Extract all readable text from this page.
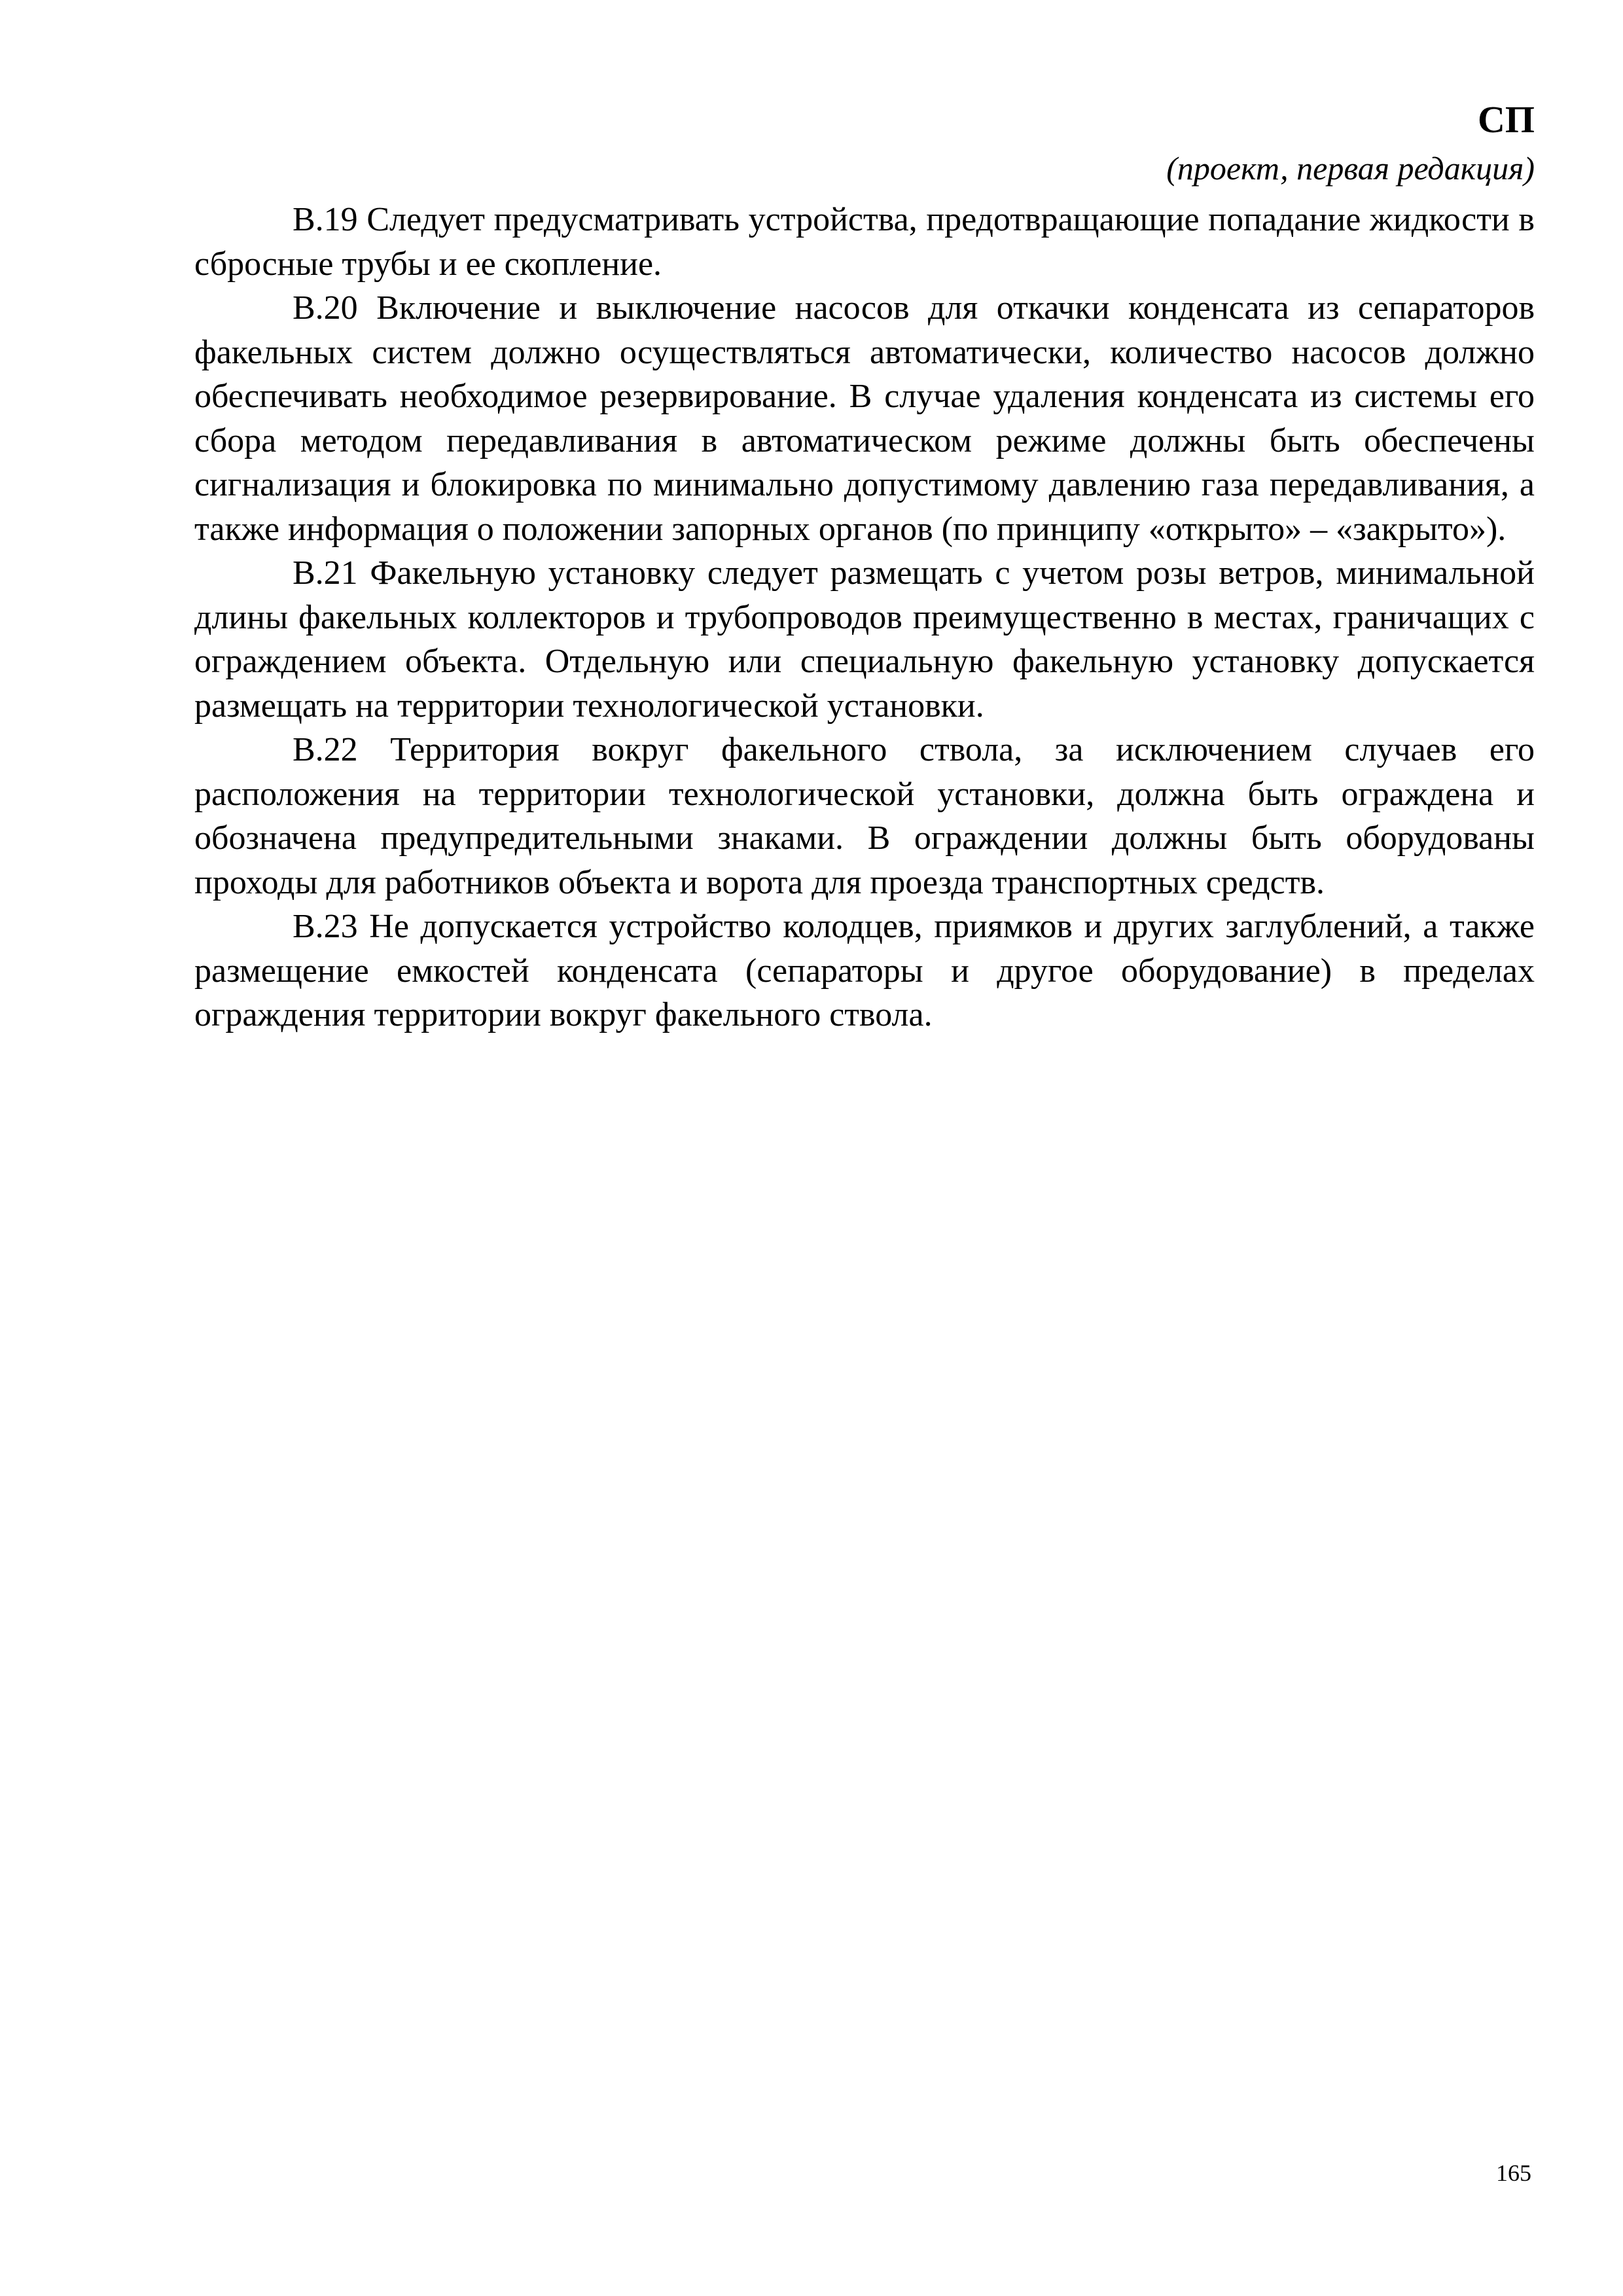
СП
(проект, первая редакция)

В.19 Следует предусматривать устройства, предотвращающие попадание жидкости в сбросные трубы и ее скопление.

В.20 Включение и выключение насосов для откачки конденсата из сепараторов факельных систем должно осуществляться автоматически, количество насосов должно обеспечивать необходимое резервирование. В случае удаления конденсата из системы его сбора методом передавливания в автоматическом режиме должны быть обеспечены сигнализация и блокировка по минимально допустимому давлению газа передавливания, а также информация о положении запорных органов (по принципу «открыто» – «закрыто»).

В.21 Факельную установку следует размещать с учетом розы ветров, минимальной длины факельных коллекторов и трубопроводов преимущественно в местах, граничащих с ограждением объекта. Отдельную или специальную факельную установку допускается размещать на территории технологической установки.

В.22 Территория вокруг факельного ствола, за исключением случаев его расположения на территории технологической установки, должна быть ограждена и обозначена предупредительными знаками. В ограждении должны быть оборудованы проходы для работников объекта и ворота для проезда транспортных средств.

В.23 Не допускается устройство колодцев, приямков и других заглублений, а также размещение емкостей конденсата (сепараторы и другое оборудование) в пределах ограждения территории вокруг факельного ствола.

165
